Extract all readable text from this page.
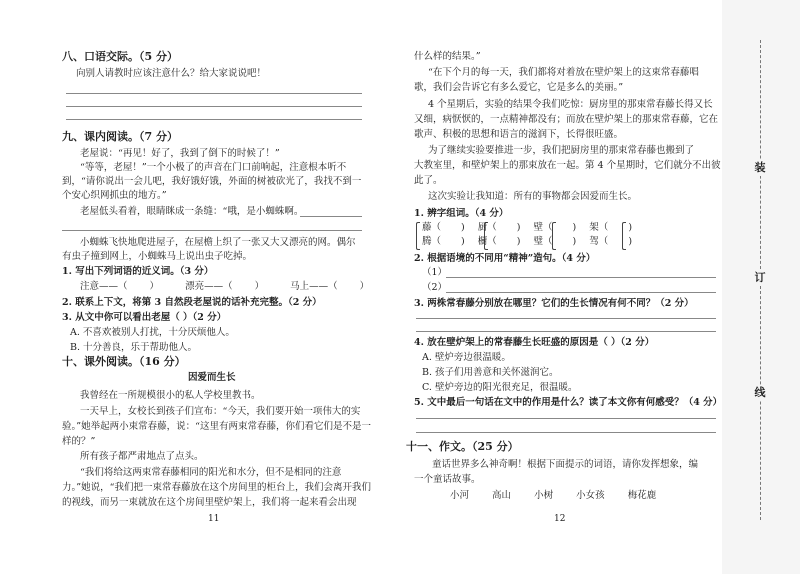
八、口语交际。（5 分）
向别人请教时应该注意什么？给大家说说吧！
九、课内阅读。（7 分）
老屋说：“再见！好了，我到了倒下的时候了！”
“等等，老屋！”一个小极了的声音在门口前响起，注意根本听不
到，“请你说出一会儿吧，我好饿好饿，外面的树被砍光了，我找不到一
个安心织网抓虫的地方。”
老屋低头看着，眼睛眯成一条缝：“哦，是小蜘蛛啊。
小蜘蛛飞快地爬进屋子，在屋檐上织了一张又大又漂亮的网。偶尔
有虫子撞到网上，小蜘蛛马上说出虫子吃掉。
1. 写出下列词语的近义词。（3 分）
注意——（ ）  漂亮——（ ）  马上——（ ）
2. 联系上下文，将第 3 自然段老屋说的话补充完整。（2 分）
3. 从文中你可以看出老屋（ ）（2 分）
A. 不喜欢被别人打扰，十分厌烦他人。
B. 十分善良，乐于帮助他人。
十、课外阅读。（16 分）
因爱而生长
我曾经在一所规模很小的私人学校里教书。
一天早上，女校长到孩子们宣布：“今天，我们要开始一项伟大的实
验。”她举起两小束常春藤，说：“这里有两束常春藤，你们看它们是不是一
样的？”
所有孩子都严肃地点了点头。
“我们将给这两束常春藤相同的阳光和水分，但不是相同的注意
力。”她说，“我们把一束常春藤放在这个房间里的柜台上，我们会离开我们
的视线，而另一束就放在这个房间里壁炉架上，我们将一起来看会出现
11
什么样的结果。”
“在下个月的每一天，我们都将对着放在壁炉架上的这束常春藤唱
歌，我们会告诉它有多么爱它，它是多么的美丽。”
4 个星期后，实验的结果令我们吃惊：厨房里的那束常春藤长得又长
又细，病恹恹的，一点精神都没有；而放在壁炉架上的那束常春藤，它在
歌声、积极的思想和语言的滋润下，长得很旺盛。
为了继续实验要推进一步，我们把厨房里的那束常春藤也搬到了
大教室里，和壁炉架上的那束放在一起。第 4 个星期时，它们就分不出彼
此了。
这次实验让我知道：所有的事物都会因爱而生长。
1. 辨字组词。（4 分）
藤（ ) 厨（ ) 壁（ ) 架（ )
腾（ ) 橱（ ) 璧（ ) 驾（ )
2. 根据语境的不同用“精神”造句。（4 分）
（1）
（2）
3. 两株常春藤分别放在哪里？它们的生长情况有何不同？（2 分）
4. 放在壁炉架上的常春藤生长旺盛的原因是（ ）（2 分）
A. 壁炉旁边很温暖。
B. 孩子们用善意和关怀滋润它。
C. 壁炉旁边的阳光很充足，很温暖。
5. 文中最后一句话在文中的作用是什么？读了本文你有何感受？（4 分）
十一、作文。（25 分）
童话世界多么神奇啊！根据下面提示的词语，请你发挥想象，编
一个童话故事。
小河 高山 小树 小女孩 梅花鹿
12
装
订
线
